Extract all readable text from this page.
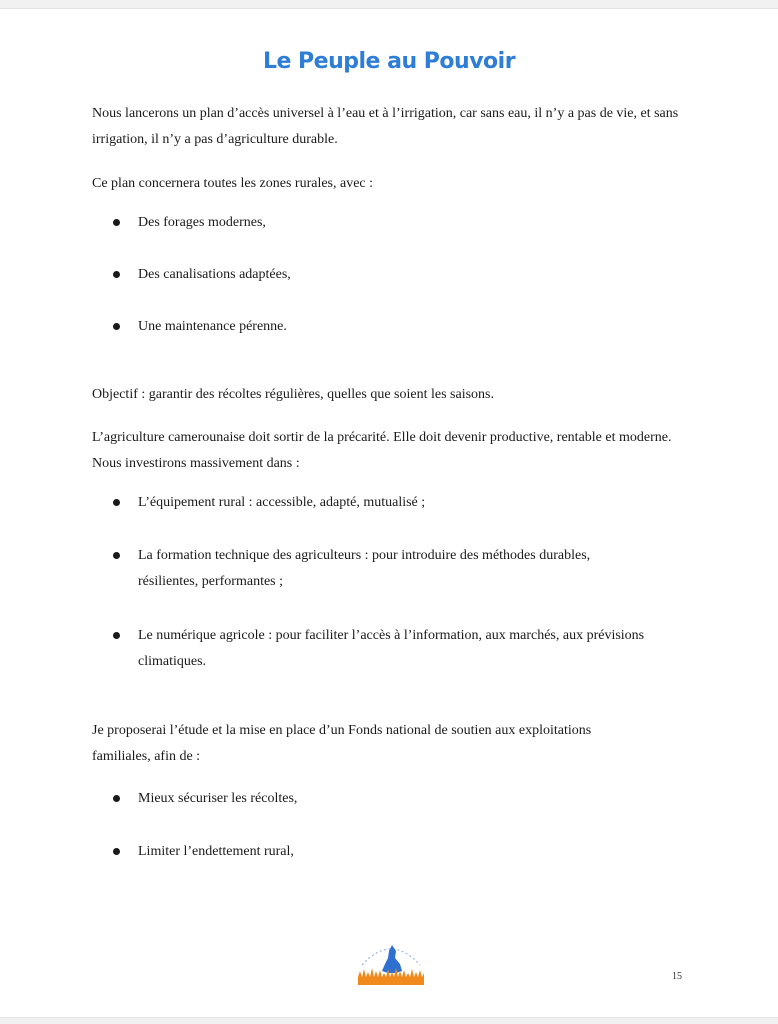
Le Peuple au Pouvoir
Nous lancerons un plan d’accès universel à l’eau et à l’irrigation, car sans eau, il n’y a pas de vie, et sans irrigation, il n’y a pas d’agriculture durable.
Ce plan concernera toutes les zones rurales, avec :
Des forages modernes,
Des canalisations adaptées,
Une maintenance pérenne.
Objectif : garantir des récoltes régulières, quelles que soient les saisons.
L’agriculture camerounaise doit sortir de la précarité. Elle doit devenir productive, rentable et moderne. Nous investirons massivement dans :
L’équipement rural : accessible, adapté, mutualisé ;
La formation technique des agriculteurs : pour introduire des méthodes durables, résilientes, performantes ;
Le numérique agricole : pour faciliter l’accès à l’information, aux marchés, aux prévisions climatiques.
Je proposerai l’étude et la mise en place d’un Fonds national de soutien aux exploitations familiales, afin de :
Mieux sécuriser les récoltes,
Limiter l’endettement rural,
15
